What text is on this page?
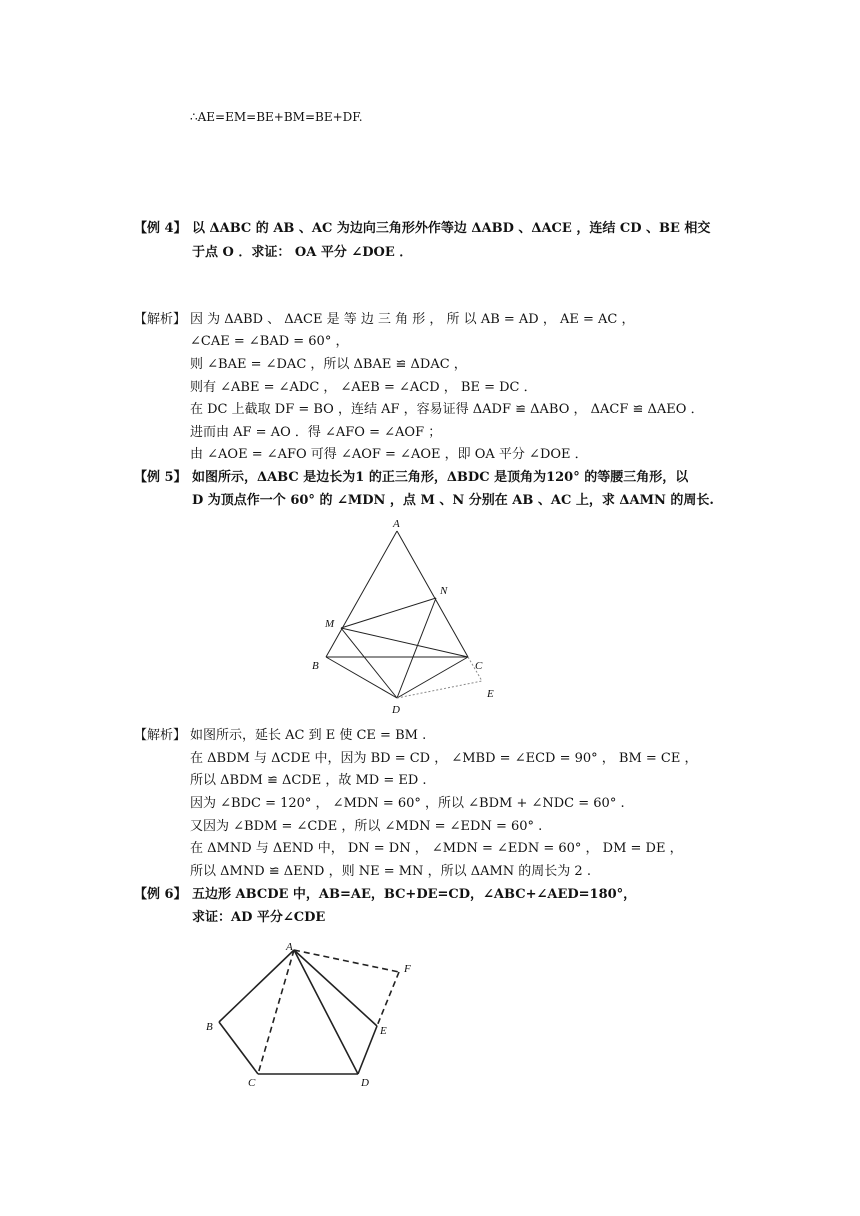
∴AE=EM=BE+BM=BE+DF.
【例 4】 以 ΔABC 的 AB 、AC 为边向三角形外作等边 ΔABD 、ΔACE ，连结 CD 、BE 相交
于点 O ．求证： OA 平分 ∠DOE ．
【解析】 因 为 ΔABD 、 ΔACE 是 等 边 三 角 形 ， 所 以 AB = AD ， AE = AC ，
∠CAE = ∠BAD = 60° ，
则 ∠BAE = ∠DAC ，所以 ΔBAE ≌ ΔDAC ，
则有 ∠ABE = ∠ADC ， ∠AEB = ∠ACD ， BE = DC ．
在 DC 上截取 DF = BO ，连结 AF ，容易证得 ΔADF ≌ ΔABO ， ΔACF ≌ ΔAEO ．
进而由 AF = AO ．得 ∠AFO = ∠AOF ；
由 ∠AOE = ∠AFO 可得 ∠AOF = ∠AOE ，即 OA 平分 ∠DOE ．
【例 5】 如图所示，ΔABC 是边长为1 的正三角形，ΔBDC 是顶角为120° 的等腰三角形，以
D 为顶点作一个 60° 的 ∠MDN ，点 M 、N 分别在 AB 、AC 上，求 ΔAMN 的周长.
A
N
M
B	C
E
D
【解析】 如图所示，延长 AC 到 E 使 CE = BM .
在 ΔBDM 与 ΔCDE 中，因为 BD = CD ， ∠MBD = ∠ECD = 90° ， BM = CE ，
所以 ΔBDM ≌ ΔCDE ，故 MD = ED .
因为 ∠BDC = 120° ， ∠MDN = 60° ，所以 ∠BDM + ∠NDC = 60° .
又因为 ∠BDM = ∠CDE ，所以 ∠MDN = ∠EDN = 60° .
在 ΔMND 与 ΔEND 中， DN = DN ， ∠MDN = ∠EDN = 60° ， DM = DE ，
所以 ΔMND ≌ ΔEND ，则 NE = MN ，所以 ΔAMN 的周长为 2 .
【例 6】 五边形 ABCDE 中，AB=AE，BC+DE=CD，∠ABC+∠AED=180°，
求证：AD 平分∠CDE
A
F
B	E
C	D
